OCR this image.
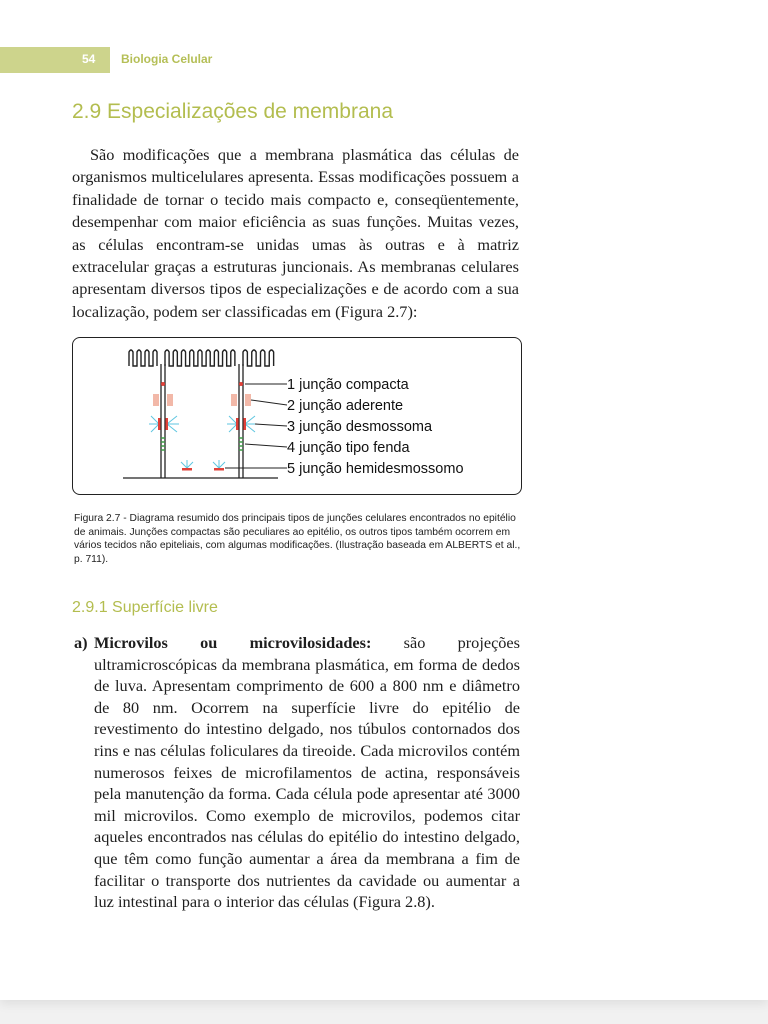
54 Biologia Celular
2.9 Especializações de membrana

São modificações que a membrana plasmática das células de organismos multicelulares apresenta. Essas modificações possuem a finalidade de tornar o tecido mais compacto e, conseqüentemente, desempenhar com maior eficiência as suas funções. Muitas vezes, as células encontram-se unidas umas às outras e à matriz extracelular graças a estruturas juncionais. As membranas celulares apresentam diversos tipos de especializações e de acordo com a sua localização, podem ser classificadas em (Figura 2.7):

1 junção compacta
2 junção aderente
3 junção desmossoma
4 junção tipo fenda
5 junção hemidesmossomo

Figura 2.7 - Diagrama resumido dos principais tipos de junções celulares encontrados no epitélio de animais. Junções compactas são peculiares ao epitélio, os outros tipos também ocorrem em vários tecidos não epiteliais, com algumas modificações. (Ilustração baseada em ALBERTS et al., p. 711).

2.9.1 Superfície livre
a) Microvilos ou microvilosidades: são projeções ultramicroscópicas da membrana plasmática, em forma de dedos de luva. Apresentam comprimento de 600 a 800 nm e diâmetro de 80 nm. Ocorrem na superfície livre do epitélio de revestimento do intestino delgado, nos túbulos contornados dos rins e nas células foliculares da tireoide. Cada microvilos contém numerosos feixes de microfilamentos de actina, responsáveis pela manutenção da forma. Cada célula pode apresentar até 3000 mil microvilos. Como exemplo de microvilos, podemos citar aqueles encontrados nas células do epitélio do intestino delgado, que têm como função aumentar a área da membrana a fim de facilitar o transporte dos nutrientes da cavidade ou aumentar a luz intestinal para o interior das células (Figura 2.8).
